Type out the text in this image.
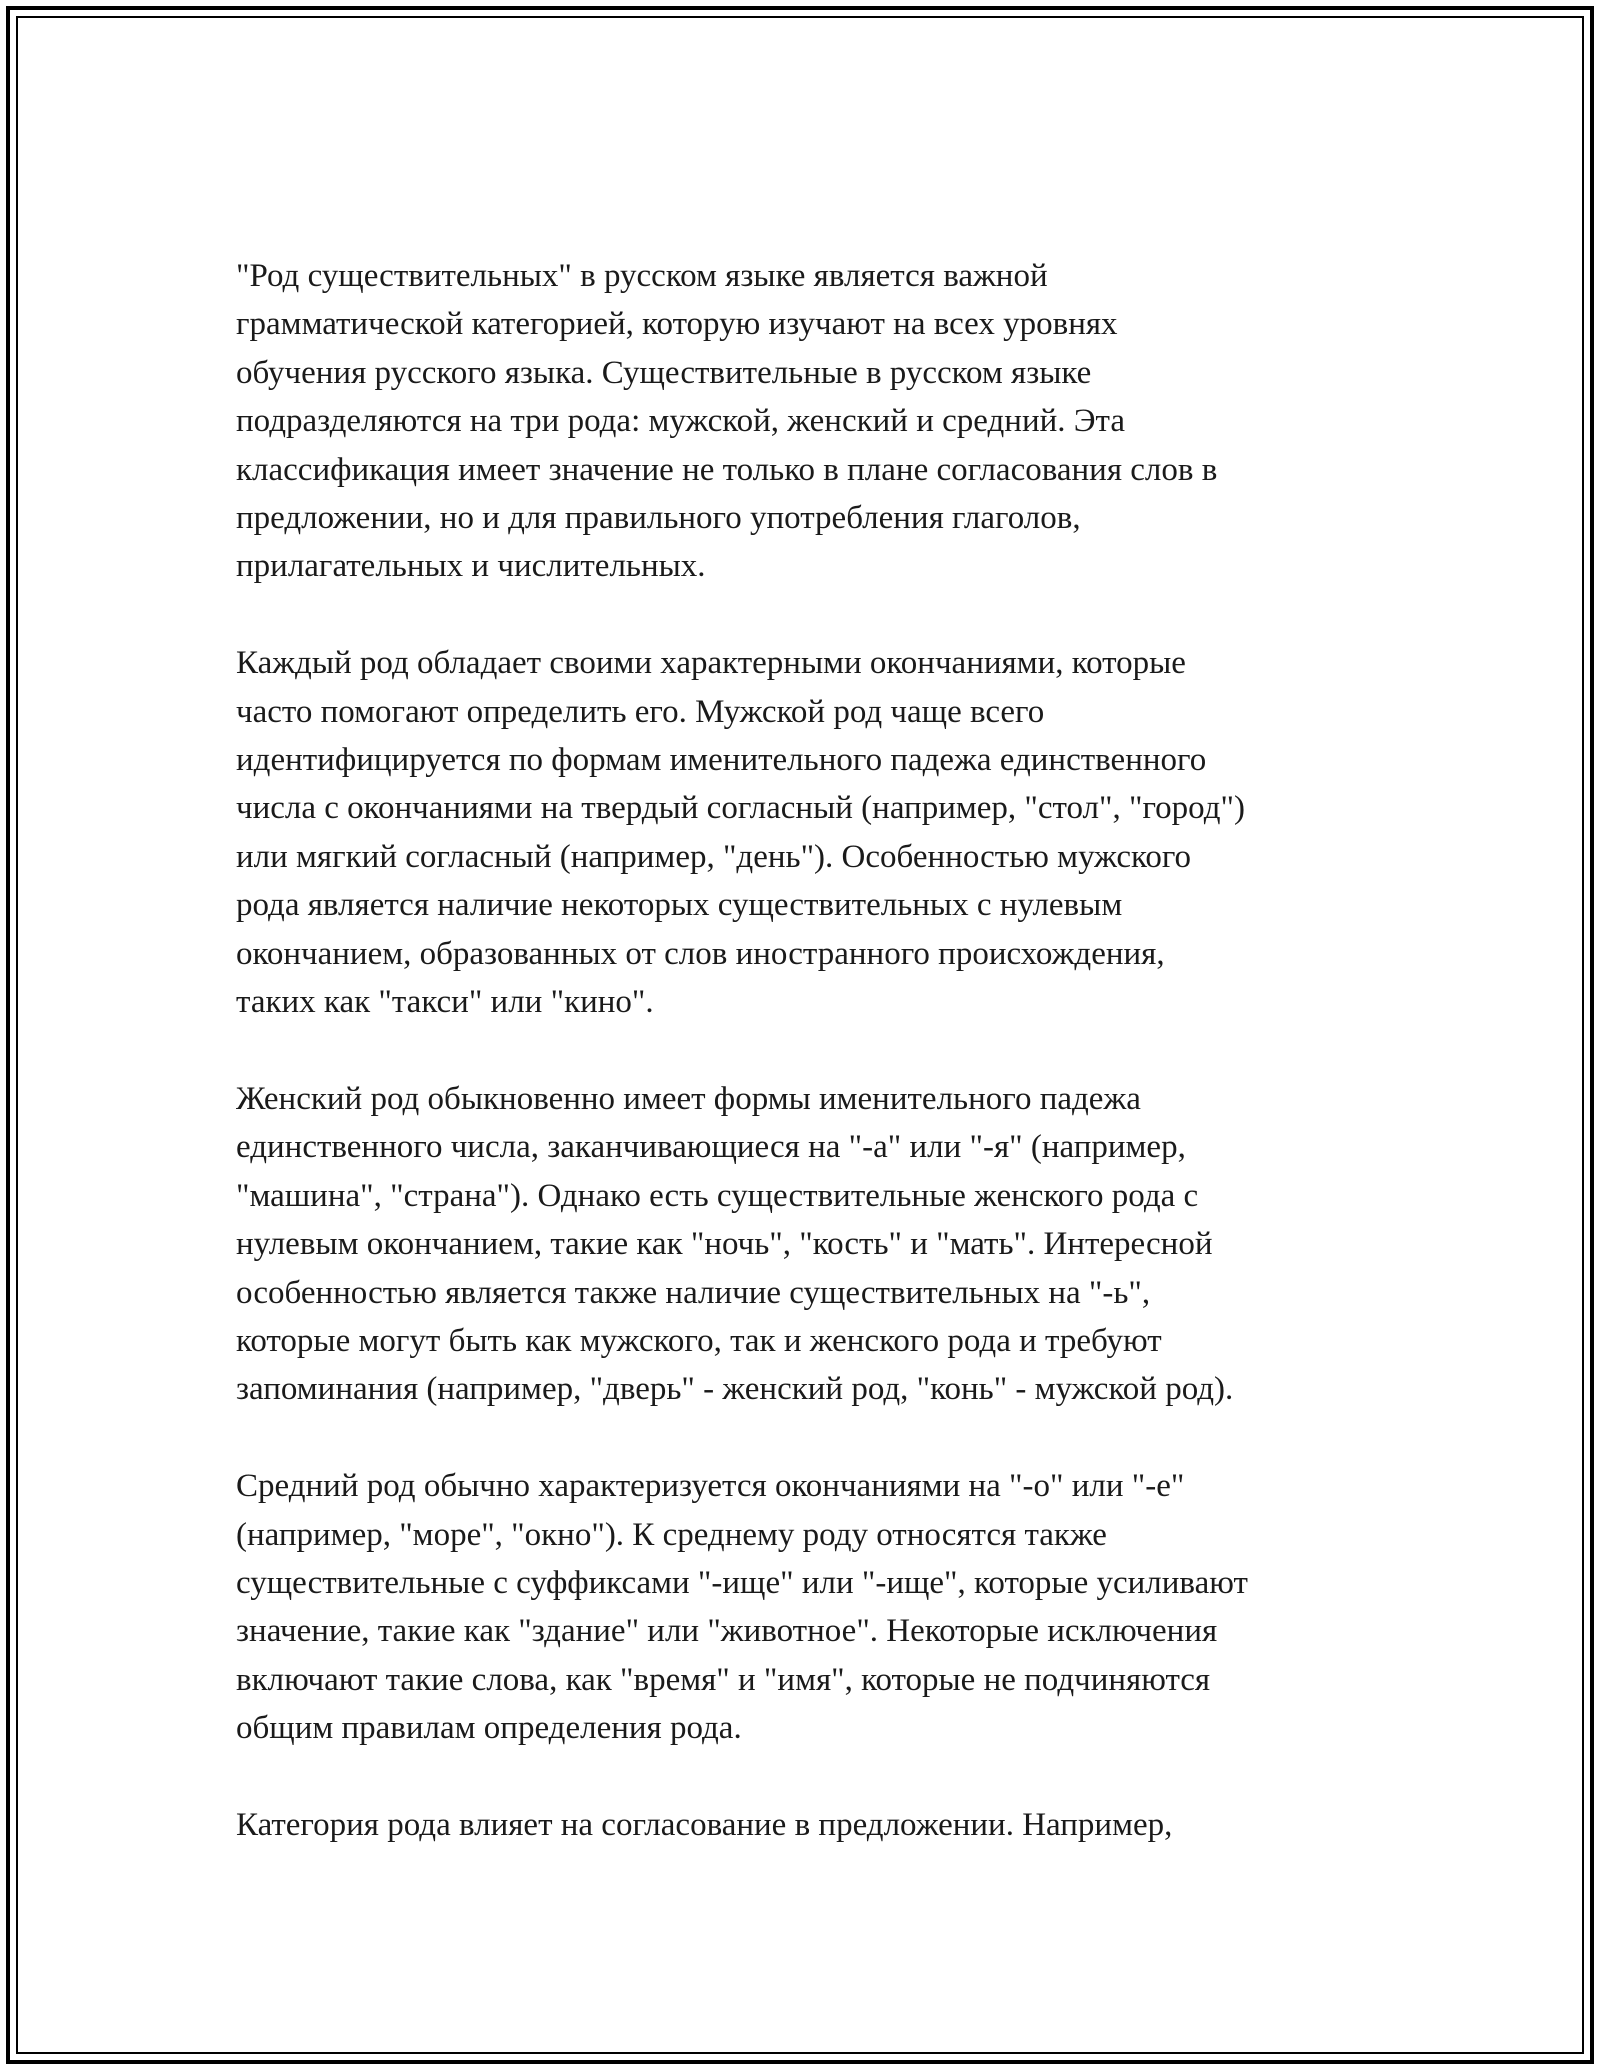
"Род существительных" в русском языке является важной
грамматической категорией, которую изучают на всех уровнях
обучения русского языка. Существительные в русском языке
подразделяются на три рода: мужской, женский и средний. Эта
классификация имеет значение не только в плане согласования слов в
предложении, но и для правильного употребления глаголов,
прилагательных и числительных.

Каждый род обладает своими характерными окончаниями, которые
часто помогают определить его. Мужской род чаще всего
идентифицируется по формам именительного падежа единственного
числа с окончаниями на твердый согласный (например, "стол", "город")
или мягкий согласный (например, "день"). Особенностью мужского
рода является наличие некоторых существительных с нулевым
окончанием, образованных от слов иностранного происхождения,
таких как "такси" или "кино".

Женский род обыкновенно имеет формы именительного падежа
единственного числа, заканчивающиеся на "-а" или "-я" (например,
"машина", "страна"). Однако есть существительные женского рода с
нулевым окончанием, такие как "ночь", "кость" и "мать". Интересной
особенностью является также наличие существительных на "-ь",
которые могут быть как мужского, так и женского рода и требуют
запоминания (например, "дверь" - женский род, "конь" - мужской род).

Средний род обычно характеризуется окончаниями на "-о" или "-е"
(например, "море", "окно"). К среднему роду относятся также
существительные с суффиксами "-ище" или "-ище", которые усиливают
значение, такие как "здание" или "животное". Некоторые исключения
включают такие слова, как "время" и "имя", которые не подчиняются
общим правилам определения рода.

Категория рода влияет на согласование в предложении. Например,
